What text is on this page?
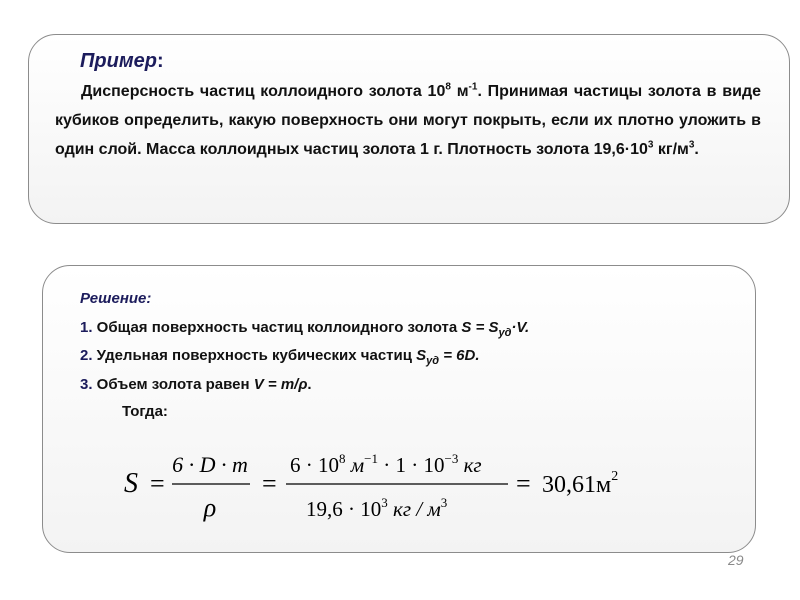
Пример:
Дисперсность частиц коллоидного золота $10^8$ $м^{-1}$. Принимая частицы золота в виде кубиков определить, какую поверхность они могут покрыть, если их плотно уложить в один слой. Масса коллоидных частиц золота 1 г. Плотность золота $19,6\cdot 10^3$ $кг/м^3$.
Решение:
1. Общая поверхность частиц коллоидного золота $S = S_{уд}\cdot V$.
2. Удельная поверхность кубических частиц $S_{уд} = 6D$.
3. Объем золота равен V = m/ρ.
Тогда:
S =
6 · D · m
ρ
=
$6 \cdot 10^8$ $м^{-1} \cdot 1 \cdot 10^{-3}$ кг
$19,6 \cdot 10^3$ кг / $м^3$
= $30,61м^2$
29
